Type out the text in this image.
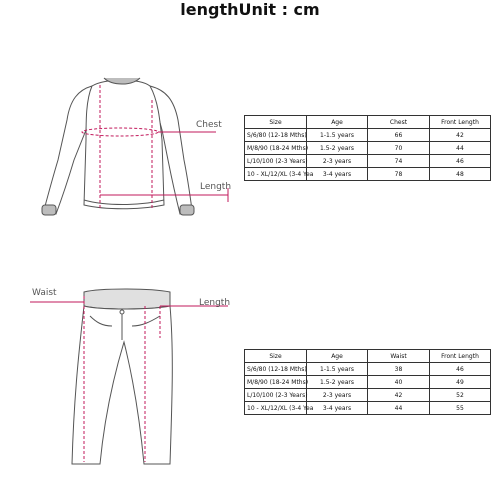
lengthUnit : cm
Chest
Length
Size	Age	Chest	Front Length
S/6/80 (12-18 Mths)	1-1.5 years	66	42
M/8/90 (18-24 Mths)	1.5-2 years	70	44
L/10/100 (2-3 Years)	2-3 years	74	46
10 - XL/12/XL (3-4 Yea	3-4 years	78	48
Waist
Length
Size	Age	Waist	Front Length
S/6/80 (12-18 Mths)	1-1.5 years	38	46
M/8/90 (18-24 Mths)	1.5-2 years	40	49
L/10/100 (2-3 Years)	2-3 years	42	52
10 - XL/12/XL (3-4 Yea	3-4 years	44	55
